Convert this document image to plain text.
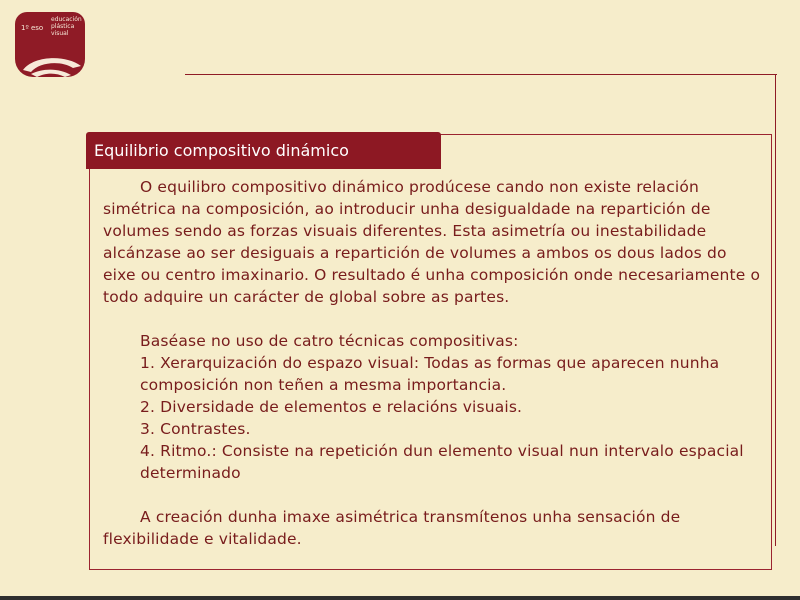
1º eso
educación
plástica
visual
Equilibrio compositivo dinámico

O equilibro compositivo dinámico prodúcese cando non existe relación simétrica na composición, ao introducir unha desigualdade na repartición de volumes sendo as forzas visuais diferentes. Esta asimetría ou inestabilidade alcánzase ao ser desiguais a repartición de volumes a ambos os dous lados do eixe ou centro imaxinario. O resultado é unha composición onde necesariamente o todo adquire un carácter de global sobre as partes.

Baséase no uso de catro técnicas compositivas:

1. Xerarquización do espazo visual: Todas as formas que aparecen nunha composición non teñen a mesma importancia.

2. Diversidade de elementos e relacións visuais.

3. Contrastes.

4. Ritmo.: Consiste na repetición dun elemento visual nun intervalo espacial determinado

A creación dunha imaxe asimétrica transmítenos unha sensación de flexibilidade e vitalidade.
